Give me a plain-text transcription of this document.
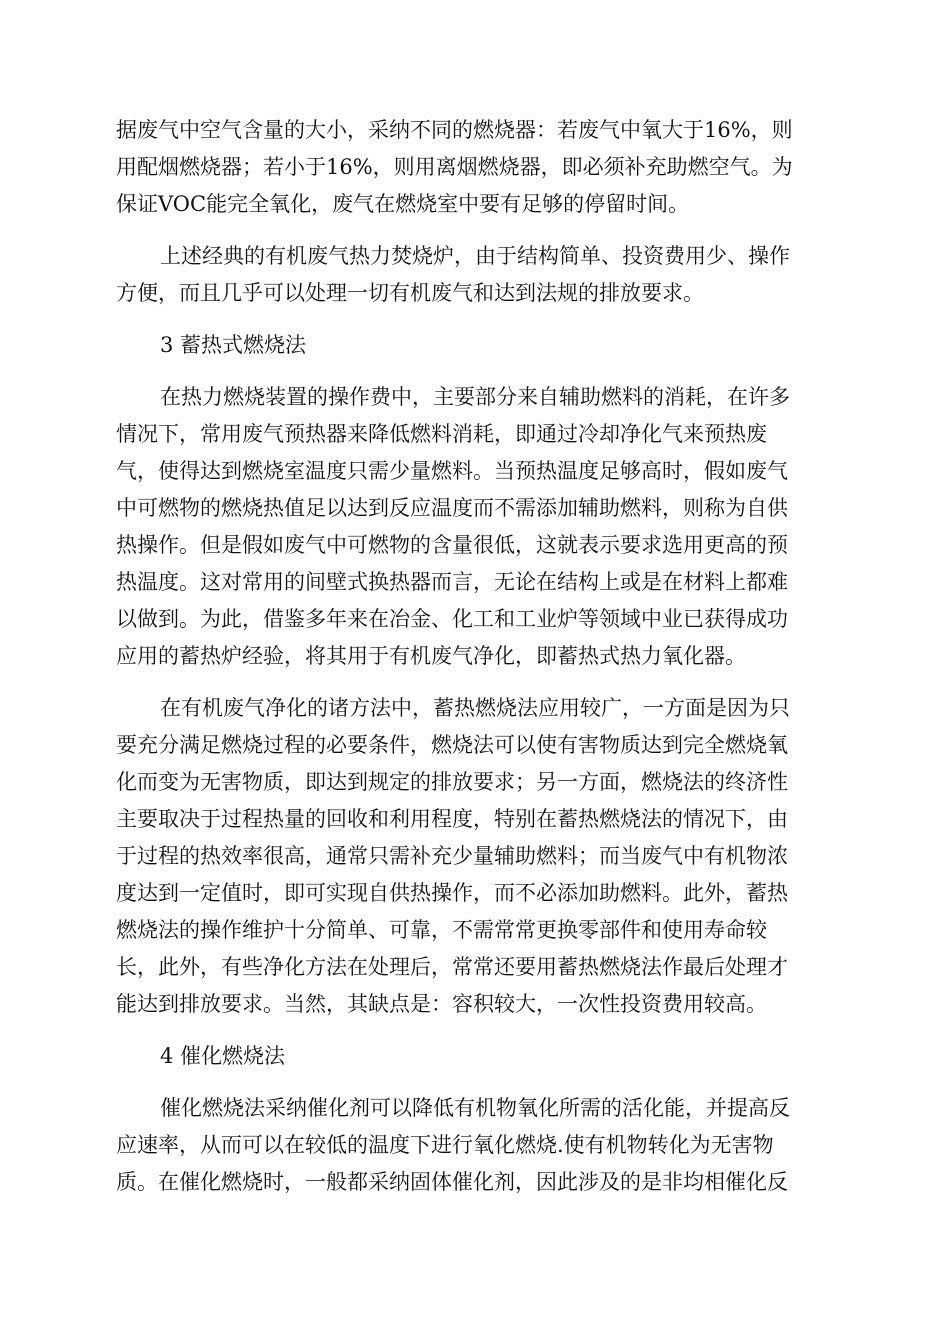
据废气中空气含量的大小，采纳不同的燃烧器：若废气中氧大于16%，则
用配烟燃烧器；若小于16%，则用离烟燃烧器，即必须补充助燃空气。为
保证VOC能完全氧化，废气在燃烧室中要有足够的停留时间。
上述经典的有机废气热力焚烧炉，由于结构简单、投资费用少、操作
方便，而且几乎可以处理一切有机废气和达到法规的排放要求。
3 蓄热式燃烧法
在热力燃烧装置的操作费中，主要部分来自辅助燃料的消耗，在许多
情况下，常用废气预热器来降低燃料消耗，即通过冷却净化气来预热废
气，使得达到燃烧室温度只需少量燃料。当预热温度足够高时，假如废气
中可燃物的燃烧热值足以达到反应温度而不需添加辅助燃料，则称为自供
热操作。但是假如废气中可燃物的含量很低，这就表示要求选用更高的预
热温度。这对常用的间壁式换热器而言，无论在结构上或是在材料上都难
以做到。为此，借鉴多年来在冶金、化工和工业炉等领域中业已获得成功
应用的蓄热炉经验，将其用于有机废气净化，即蓄热式热力氧化器。
在有机废气净化的诸方法中，蓄热燃烧法应用较广，一方面是因为只
要充分满足燃烧过程的必要条件，燃烧法可以使有害物质达到完全燃烧氧
化而变为无害物质，即达到规定的排放要求；另一方面，燃烧法的终济性
主要取决于过程热量的回收和利用程度，特别在蓄热燃烧法的情况下，由
于过程的热效率很高，通常只需补充少量辅助燃料；而当废气中有机物浓
度达到一定值时，即可实现自供热操作，而不必添加助燃料。此外，蓄热
燃烧法的操作维护十分简单、可靠，不需常常更换零部件和使用寿命较
长，此外，有些净化方法在处理后，常常还要用蓄热燃烧法作最后处理才
能达到排放要求。当然，其缺点是：容积较大，一次性投资费用较高。
4 催化燃烧法
催化燃烧法采纳催化剂可以降低有机物氧化所需的活化能，并提高反
应速率，从而可以在较低的温度下进行氧化燃烧.使有机物转化为无害物
质。在催化燃烧时，一般都采纳固体催化剂，因此涉及的是非均相催化反
